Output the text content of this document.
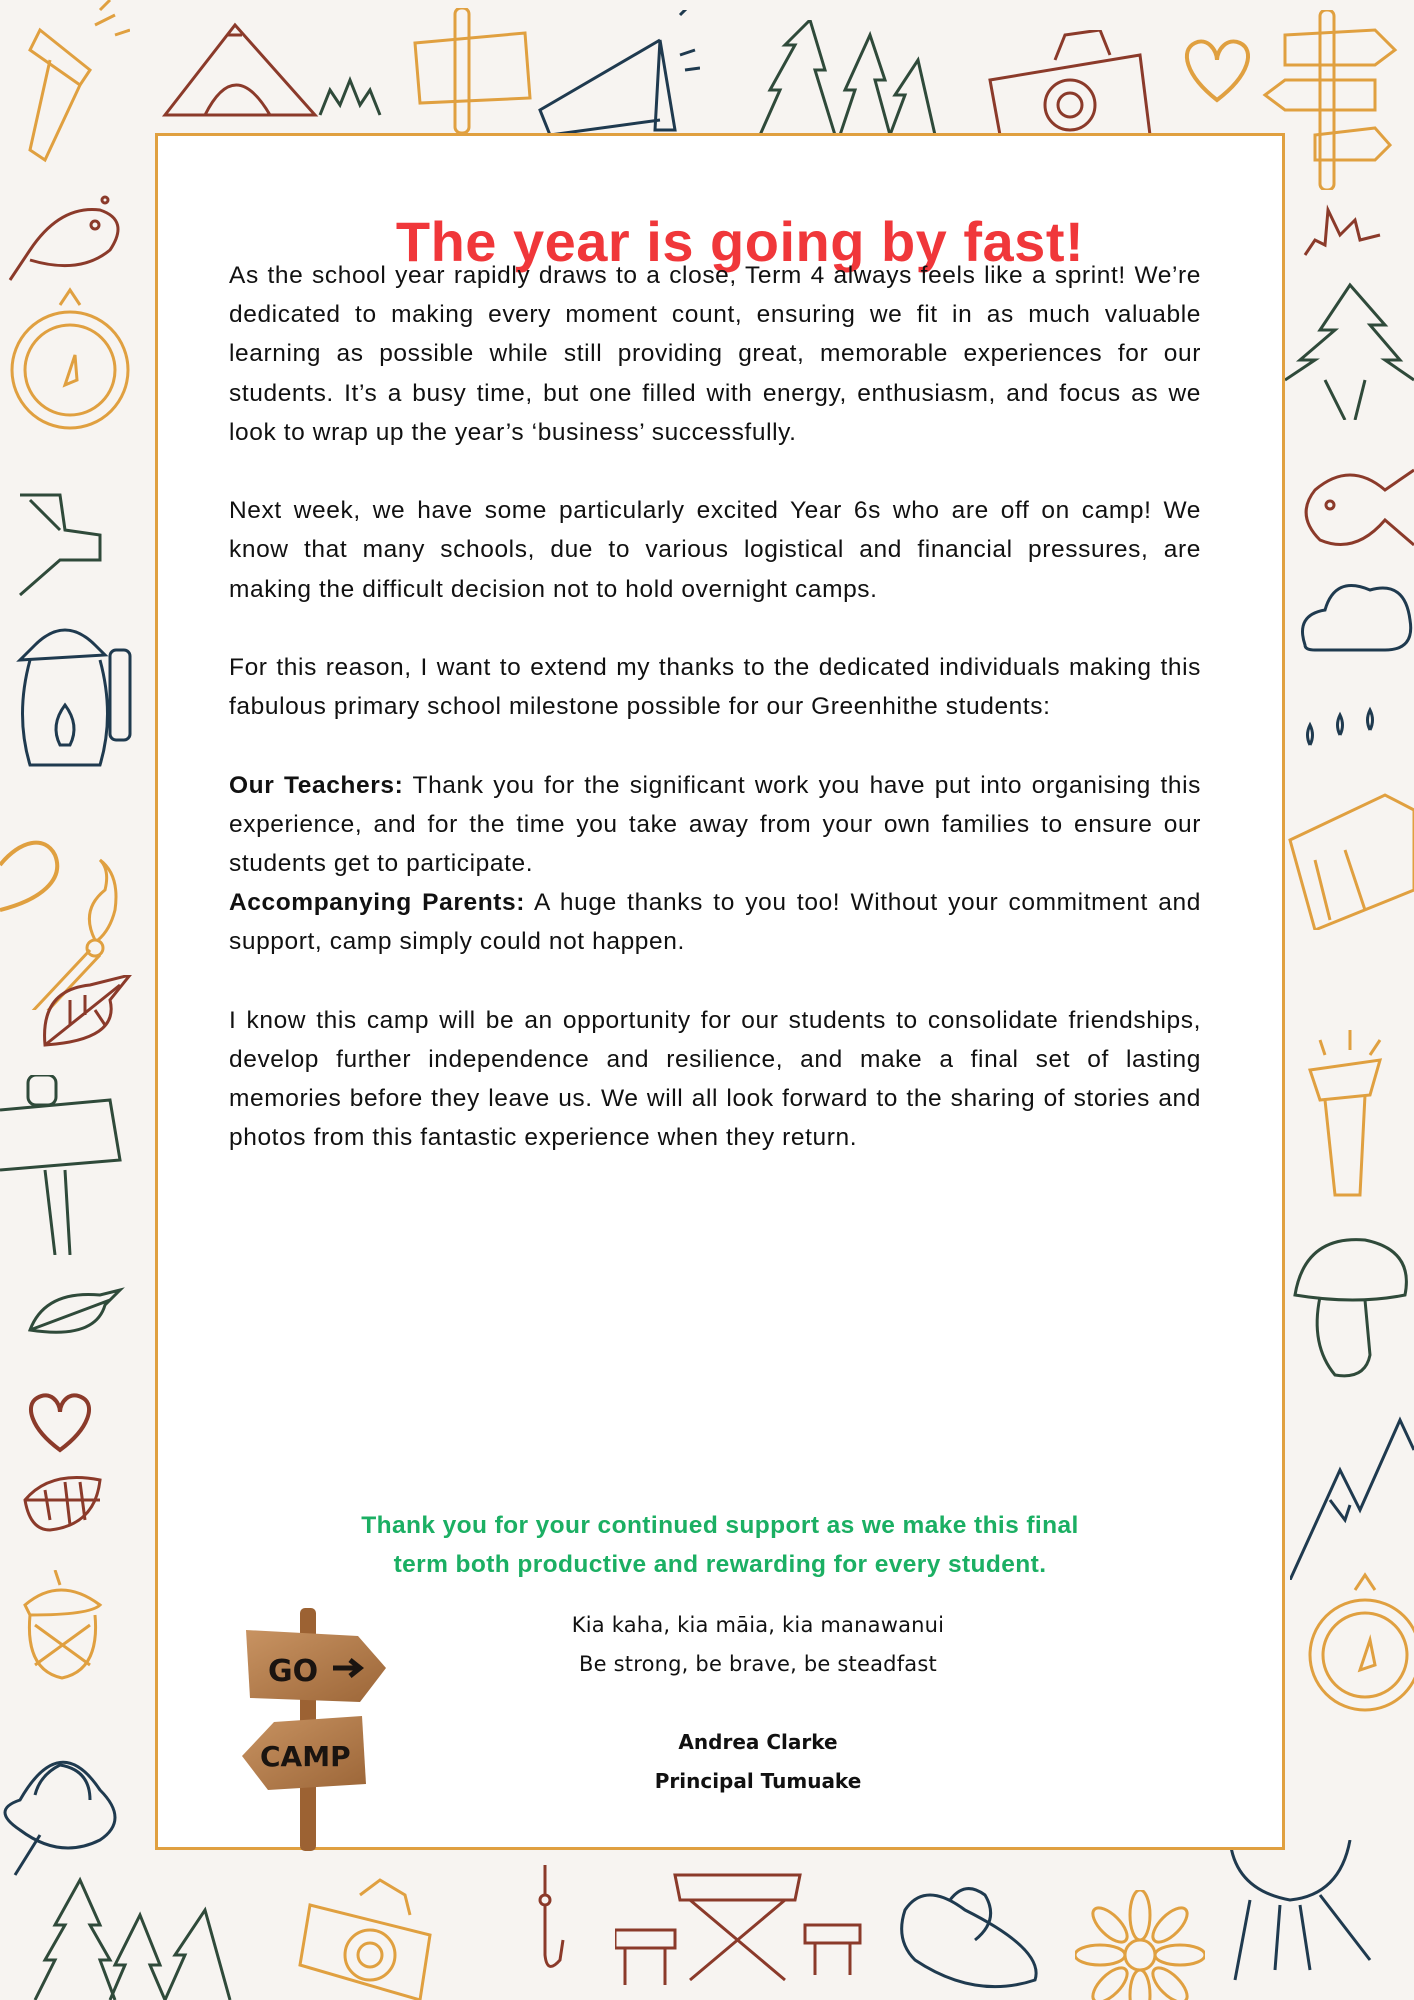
The year is going by fast!

As the school year rapidly draws to a close, Term 4 always feels like a sprint! We’re dedicated to making every moment count, ensuring we fit in as much valuable learning as possible while still providing great, memorable experiences for our students. It’s a busy time, but one filled with energy, enthusiasm, and focus as we look to wrap up the year’s ‘business’ successfully.

Next week, we have some particularly excited Year 6s who are off on camp! We know that many schools, due to various logistical and financial pressures, are making the difficult decision not to hold overnight camps.

For this reason, I want to extend my thanks to the dedicated individuals making this fabulous primary school milestone possible for our Greenhithe students:

Our Teachers: Thank you for the significant work you have put into organising this experience, and for the time you take away from your own families to ensure our students get to participate.

Accompanying Parents: A huge thanks to you too! Without your commitment and support, camp simply could not happen.

I know this camp will be an opportunity for our students to consolidate friendships, develop further independence and resilience, and make a final set of lasting memories before they leave us. We will all look forward to the sharing of stories and photos from this fantastic experience when they return.

Thank you for your continued support as we make this final
term both productive and rewarding for every student.
GO
CAMP
Kia kaha, kia māia, kia manawanui
Be strong, be brave, be steadfast
Andrea Clarke
Principal Tumuake
